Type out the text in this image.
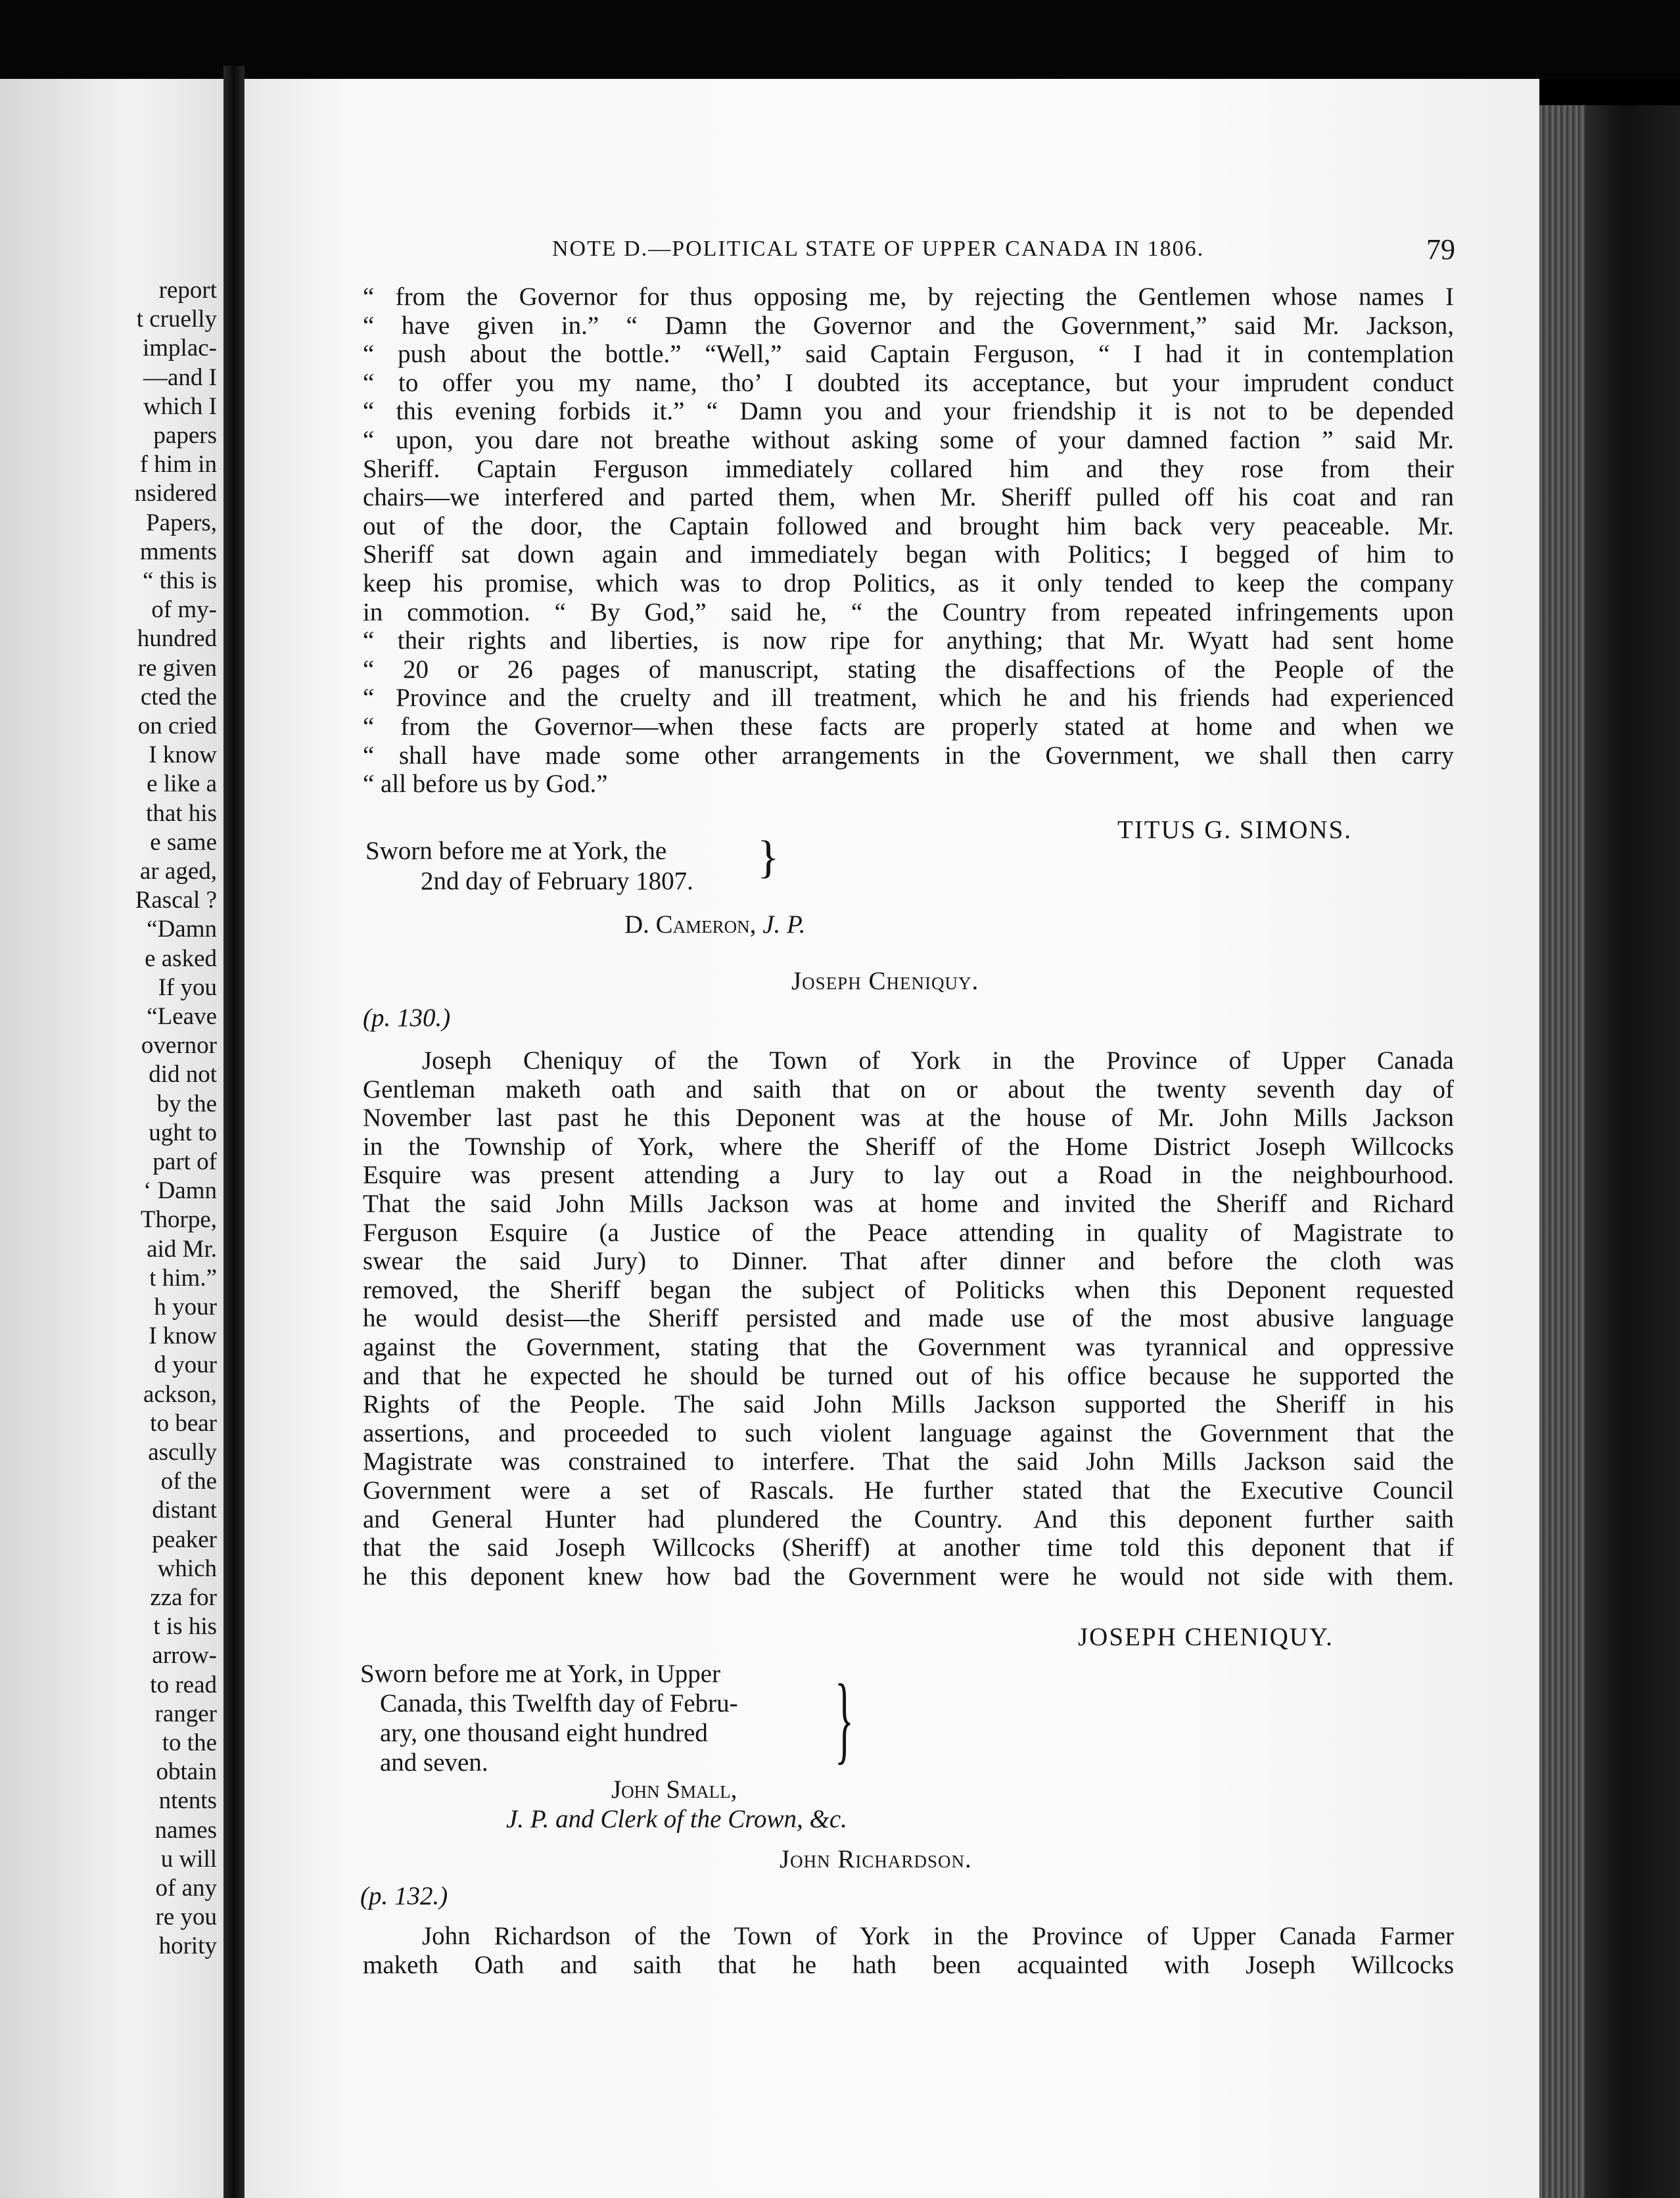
report
t cruelly
implac-
—and I
which I
papers
f him in
nsidered
Papers,
mments
“ this is
of my-
hundred
re given
cted the
on cried
I know
e like a
that his
e same
ar aged,
Rascal ?
“Damn
e asked
If you
“Leave
overnor
did not
by the
ught to
part of
‘ Damn
Thorpe,
aid Mr.
t him.”
h your
I know
d your
ackson,
to bear
ascully
of the
distant
peaker
which
zza for
t is his
arrow-
to read
ranger
to the
obtain
ntents
names
u will
of any
re you
hority
NOTE D.—POLITICAL STATE OF UPPER CANADA IN 1806.	79
“ from the Governor for thus opposing me, by rejecting the Gentlemen whose names I
“ have given in.” “ Damn the Governor and the Government,” said Mr. Jackson,
“ push about the bottle.” “Well,” said Captain Ferguson, “ I had it in contemplation
“ to offer you my name, tho’ I doubted its acceptance, but your imprudent conduct
“ this evening forbids it.” “ Damn you and your friendship it is not to be depended
“ upon, you dare not breathe without asking some of your damned faction ” said Mr.
Sheriff. Captain Ferguson immediately collared him and they rose from their
chairs—we interfered and parted them, when Mr. Sheriff pulled off his coat and ran
out of the door, the Captain followed and brought him back very peaceable. Mr.
Sheriff sat down again and immediately began with Politics; I begged of him to
keep his promise, which was to drop Politics, as it only tended to keep the company
in commotion. “ By God,” said he, “ the Country from repeated infringements upon
“ their rights and liberties, is now ripe for anything; that Mr. Wyatt had sent home
“ 20 or 26 pages of manuscript, stating the disaffections of the People of the
“ Province and the cruelty and ill treatment, which he and his friends had experienced
“ from the Governor—when these facts are properly stated at home and when we
“ shall have made some other arrangements in the Government, we shall then carry
“ all before us by God.”
TITUS G. SIMONS.
Sworn before me at York, the
2nd day of February 1807. }
D. Cameron, J. P.
Joseph Cheniquy.
(p. 130.)
Joseph Cheniquy of the Town of York in the Province of Upper Canada
Gentleman maketh oath and saith that on or about the twenty seventh day of
November last past he this Deponent was at the house of Mr. John Mills Jackson
in the Township of York, where the Sheriff of the Home District Joseph Willcocks
Esquire was present attending a Jury to lay out a Road in the neighbourhood.
That the said John Mills Jackson was at home and invited the Sheriff and Richard
Ferguson Esquire (a Justice of the Peace attending in quality of Magistrate to
swear the said Jury) to Dinner. That after dinner and before the cloth was
removed, the Sheriff began the subject of Politicks when this Deponent requested
he would desist—the Sheriff persisted and made use of the most abusive language
against the Government, stating that the Government was tyrannical and oppressive
and that he expected he should be turned out of his office because he supported the
Rights of the People. The said John Mills Jackson supported the Sheriff in his
assertions, and proceeded to such violent language against the Government that the
Magistrate was constrained to interfere. That the said John Mills Jackson said the
Government were a set of Rascals. He further stated that the Executive Council
and General Hunter had plundered the Country. And this deponent further saith
that the said Joseph Willcocks (Sheriff) at another time told this deponent that if
he this deponent knew how bad the Government were he would not side with them.
JOSEPH CHENIQUY.
Sworn before me at York, in Upper
Canada, this Twelfth day of Febru-
ary, one thousand eight hundred
and seven.	}
John Small,
J. P. and Clerk of the Crown, &c.
John Richardson.
(p. 132.)
John Richardson of the Town of York in the Province of Upper Canada Farmer
maketh Oath and saith that he hath been acquainted with Joseph Willcocks
